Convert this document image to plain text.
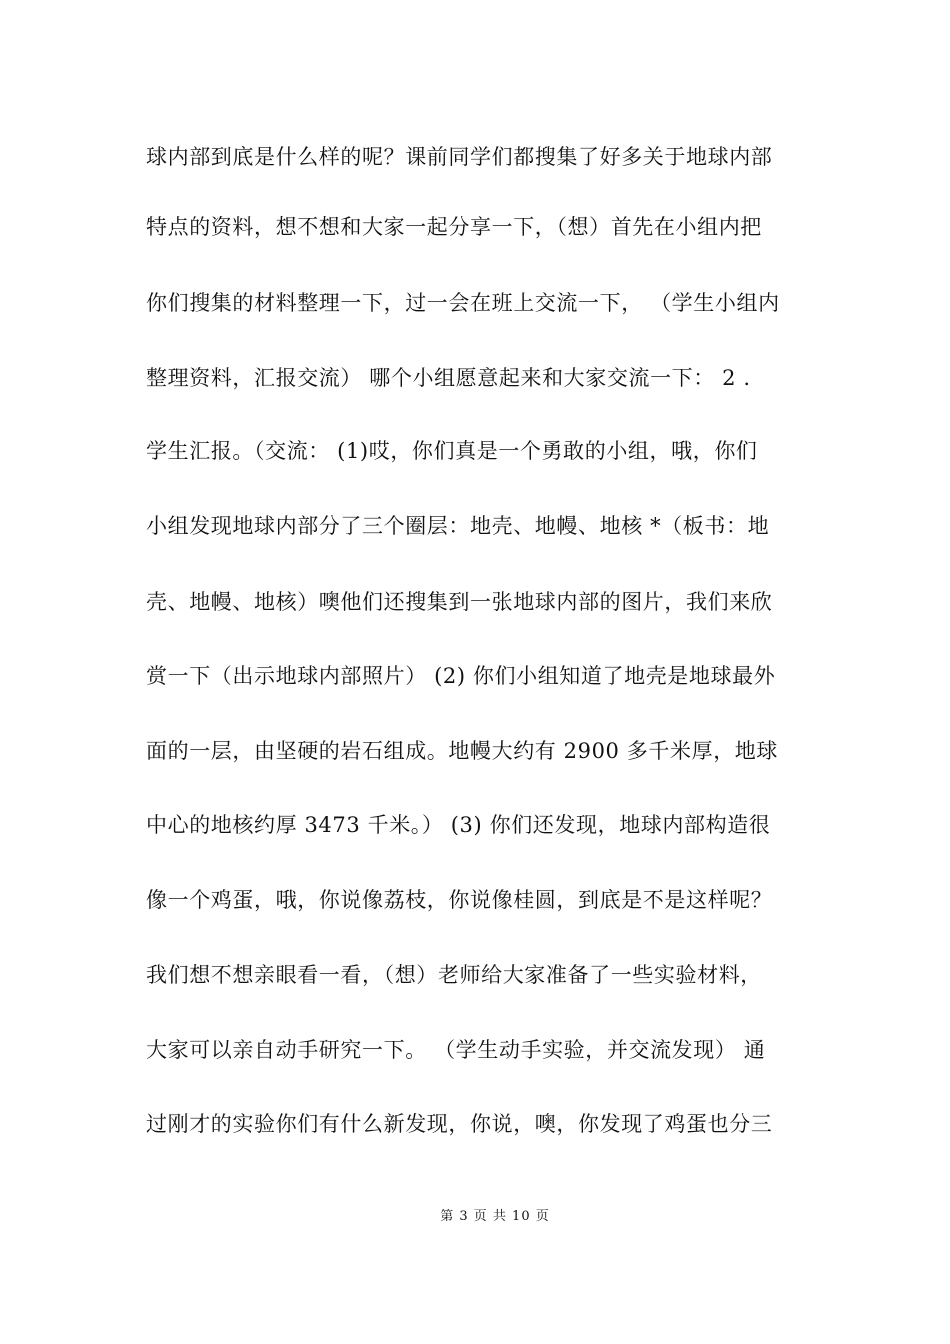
球内部到底是什么样的呢？课前同学们都搜集了好多关于地球内部
特点的资料，想不想和大家一起分享一下，（想）首先在小组内把
你们搜集的材料整理一下，过一会在班上交流一下， （学生小组内
整理资料，汇报交流） 哪个小组愿意起来和大家交流一下： 2 .
学生汇报。（交流： (1)哎，你们真是一个勇敢的小组，哦，你们
小组发现地球内部分了三个圈层：地壳、地幔、地核 *（板书：地
壳、地幔、地核）噢他们还搜集到一张地球内部的图片，我们来欣
赏一下（出示地球内部照片） (2) 你们小组知道了地壳是地球最外
面的一层，由坚硬的岩石组成。地幔大约有 2900 多千米厚，地球
中心的地核约厚 3473 千米。） (3) 你们还发现，地球内部构造很
像一个鸡蛋，哦，你说像荔枝，你说像桂圆，到底是不是这样呢？
我们想不想亲眼看一看，（想）老师给大家准备了一些实验材料，
大家可以亲自动手研究一下。 （学生动手实验，并交流发现） 通
过刚才的实验你们有什么新发现，你说，噢，你发现了鸡蛋也分三
第 3 页 共 10 页
